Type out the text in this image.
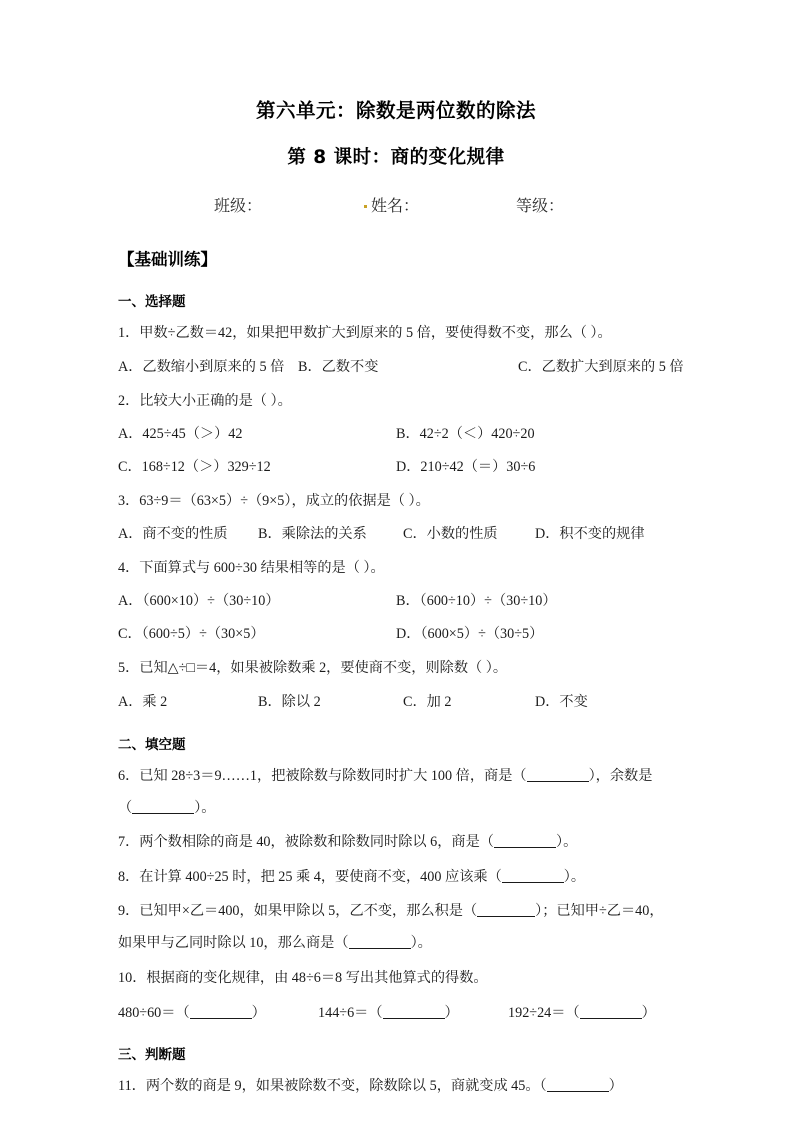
第六单元：除数是两位数的除法
第 8 课时：商的变化规律
班级：	姓名：	等级：
【基础训练】
一、选择题
1．甲数÷乙数＝42，如果把甲数扩大到原来的 5 倍，要使得数不变，那么（ ）。
A．乙数缩小到原来的 5 倍 B．乙数不变	C．乙数扩大到原来的 5 倍
2．比较大小正确的是（ ）。
A．425÷45（＞）42	B．42÷2（＜）420÷20
C．168÷12（＞）329÷12	D．210÷42（＝）30÷6
3．63÷9＝（63×5）÷（9×5），成立的依据是（ ）。
A．商不变的性质 B．乘除法的关系	C．小数的性质	D．积不变的规律
4．下面算式与 600÷30 结果相等的是（ ）。
A．（600×10）÷（30÷10）	B．（600÷10）÷（30÷10）
C．（600÷5）÷（30×5）	D．（600×5）÷（30÷5）
5．已知△÷□＝4，如果被除数乘 2，要使商不变，则除数（ ）。
A．乘 2	B．除以 2	C．加 2	D．不变
二、填空题
6．已知 28÷3＝9……1，把被除数与除数同时扩大 100 倍，商是（	），余数是
（	）。
7．两个数相除的商是 40，被除数和除数同时除以 6，商是（	）。
8．在计算 400÷25 时，把 25 乘 4，要使商不变，400 应该乘（	）。
9．已知甲×乙＝400，如果甲除以 5，乙不变，那么积是（	）；已知甲÷乙＝40，
如果甲与乙同时除以 10，那么商是（	）。
10．根据商的变化规律，由 48÷6＝8 写出其他算式的得数。
480÷60＝（	）	144÷6＝（	）	192÷24＝（	）
三、判断题
11．两个数的商是 9，如果被除数不变，除数除以 5，商就变成 45。（	）
